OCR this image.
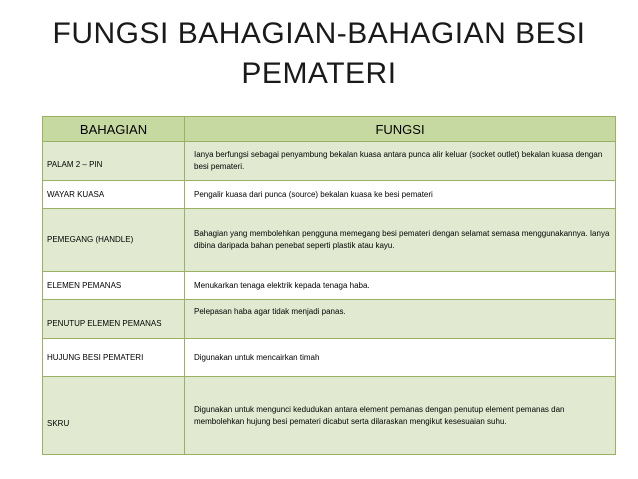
FUNGSI BAHAGIAN-BAHAGIAN BESI
PEMATERI
BAHAGIAN	FUNGSI
PALAM 2 – PIN	Ianya berfungsi sebagai penyambung bekalan kuasa antara punca alir keluar (socket outlet) bekalan kuasa dengan besi pemateri.
WAYAR KUASA	Pengalir kuasa dari punca (source) bekalan kuasa ke besi pemateri
PEMEGANG (HANDLE)	Bahagian yang membolehkan pengguna memegang besi pemateri dengan selamat semasa menggunakannya. Ianya dibina daripada bahan penebat seperti plastik atau kayu.
ELEMEN PEMANAS	Menukarkan tenaga elektrik kepada tenaga haba.
PENUTUP ELEMEN PEMANAS	Pelepasan haba agar tidak menjadi panas.
HUJUNG BESI PEMATERI	Digunakan untuk mencairkan timah
SKRU	Digunakan untuk mengunci kedudukan antara element pemanas dengan penutup element pemanas dan membolehkan hujung besi pemateri dicabut serta dilaraskan mengikut kesesuaian suhu.
